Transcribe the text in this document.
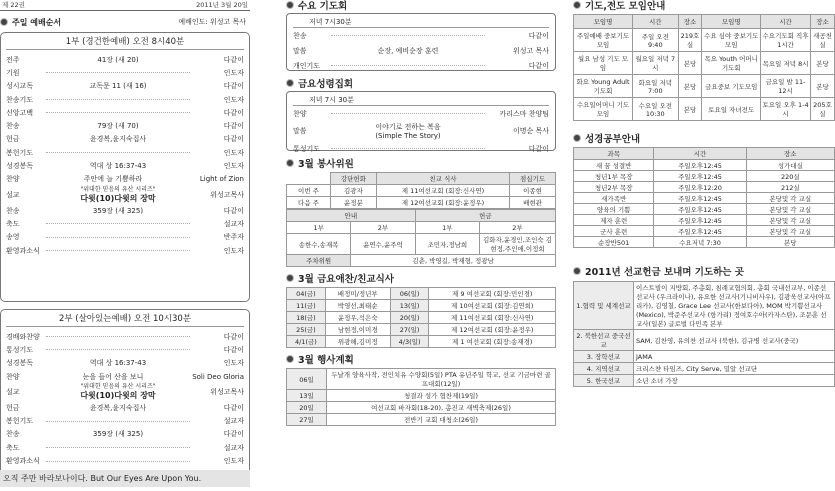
제 22권	2011년 3월 20일
주일 예배순서	예배인도: 위성고 목사
1부 (경건한예배) 오전 8시40분
전주	41장 (새 20)	다같이
기원	인도자
성시교독	교독문 11 (새 16)	다같이
찬송기도	인도자
신앙고백	다같이
찬송	79장 (새 70)	다같이
헌금	윤경복,윤지숙집사	다같이
봉헌기도	인도자
성경봉독	역대 상 16:37-43	인도자
찬양	주안에 늘 기쁨하라	Light of Zion
설교
"위대한 믿음의 유산 시리즈"
다윗(10)다윗의 장막	위성고목사
찬송	359장 (새 325)	다같이
축도	설교자
송영	반주자
환영과소식	인도자
2부 (살아있는예배) 오전 10시30분
경배와찬양	다같이
통성기도	다같이
성경봉독	역대 상 16:37-43	인도자
찬양	눈을 들어 산을 보니	Soli Deo Gloria
설교
"위대한 믿음의 유산 시리즈"
다윗(10)다윗의 장막	위성고목사
헌금	윤경복,윤지숙집사	다같이
봉헌기도	설교자
찬송	359장 (새 325)	다같이
축도	설교자
환영과소식	인도자
오직 주만 바라보나이다. But Our Eyes Are Upon You.
수요 기도회
저녁 7시30분
찬송	다같이
말씀	순장, 예비순장 훈련	위성고 목사
개인기도	다같이
금요성령집회
저녁 7시 30분
찬양	카리스마 찬양팀
말씀	이야기로 전하는 복음
(Simple The Story)
이명순 목사
통성기도	다같이
3월 봉사위원
	강단헌화	친교 식사	점심기도
이번 주	김광자	제 11여선교회 (회장:신사연)	이종현
다음 주	윤정분	제 12여선교회 (회장:윤정우)	배현관
안내		헌금	
1부	2부	1부	2부
송한수,송재복	윤연수,윤주억	조민자,정남희	김화자,윤경인,조인숙 김현정,주인애,이정희
주차위원	김춘, 박영길, 박재형, 정광남		
3월 금요애찬/친교식사
04(금)	배정미/정년부	06(일)	제 9 여선교회 (회장:민인경)
11(금)	박영선,최태순	13(일)	제 10여선교회 (회장:김연희)
18(금)	윤정우,석은숙	20(일)	제 11여선교회 (회장:신사연)
25(금)	남현정,이미경	27(일)	제 12여선교회 (회장:윤정우)
4/1(금)	위광해,김미정	4/3(일)	제 1 여선교회 (회장:송재경)
3월 행사계획
06일	두날개 양육사작, 전인치유 수양회(5일) PTA 유년주일 학교, 선교 기금마련 골프대회(12일)
13일	청결과 성가 협찬제(19일)
20일	여선교회 바자회(18-20), 총진교 새벽축제(26일)
27일	전반기 교회 대청소(26일)
기도,전도 모임안내
모임명	시간	장소	모임명	시간	장소
주일예배 중보기도모임	주일 오전 9:40	219호실	수요 심야 중보기도모임	수요기도회 직후 1시간	새공천실
월요 남성 기도 모임	월요일 저녁 7시	본당	목요 Youth 어머니 기도회	목요일 저녁 8시	본당
화요 Young Adult 기도회	화요일 저녁7:00	본당	금요중보 기도모임	금요일 밤 11-12시	본당
수요일어머니 기도 모임	수요일 오전 10:30	본당	토요일 자녀전도	토요일 오후 1-4시	205호실
성경공부안내
과목	시간	장소
새 꿈 성결반	주일오후12:45	성가대실
청년1부 목장	주일오후12:45	220실
청년2부 목장	주일오후12:20	212실
새가족반	주일오후12:45	본당및 각 교실
양육의 기쁨	주일오후12:45	본당및 각 교실
제자 훈련	주일오후12:45	본당및 각 교실
군사 훈련	주일오후12:45	본당및 각 교실
순장반501	수요저녁 7:30	본당
2011년 선교헌금 보내며 기도하는 곳
1.협력 및 세계선교	이스트빌이 지방회, 주총회, 침례교협의회, 총회 국내선교부, 이종선선교사 (우크라이나), 유요한 선교사(기니비사우), 김광욱선교사(아프리카), 김영칠, Grace Lee 선교사(한보다아), MOM 박기쁨선교사 (Mexico), 박준주선교사 (항가리) 정여호수아(카자스탄), 조문훈 선교사(일본) 글로벌 다민족 본부
2. 북한선교 중국선교	SAM, 김찬영, 유의찬 선교사 (북한), 김규병 선교사(중국)
3. 장학선교	JAMA
4. 지역선교	크리스챤 타임즈, City Serve, 밀알 선교단
5. 한국선교	소년 소녀 가장
